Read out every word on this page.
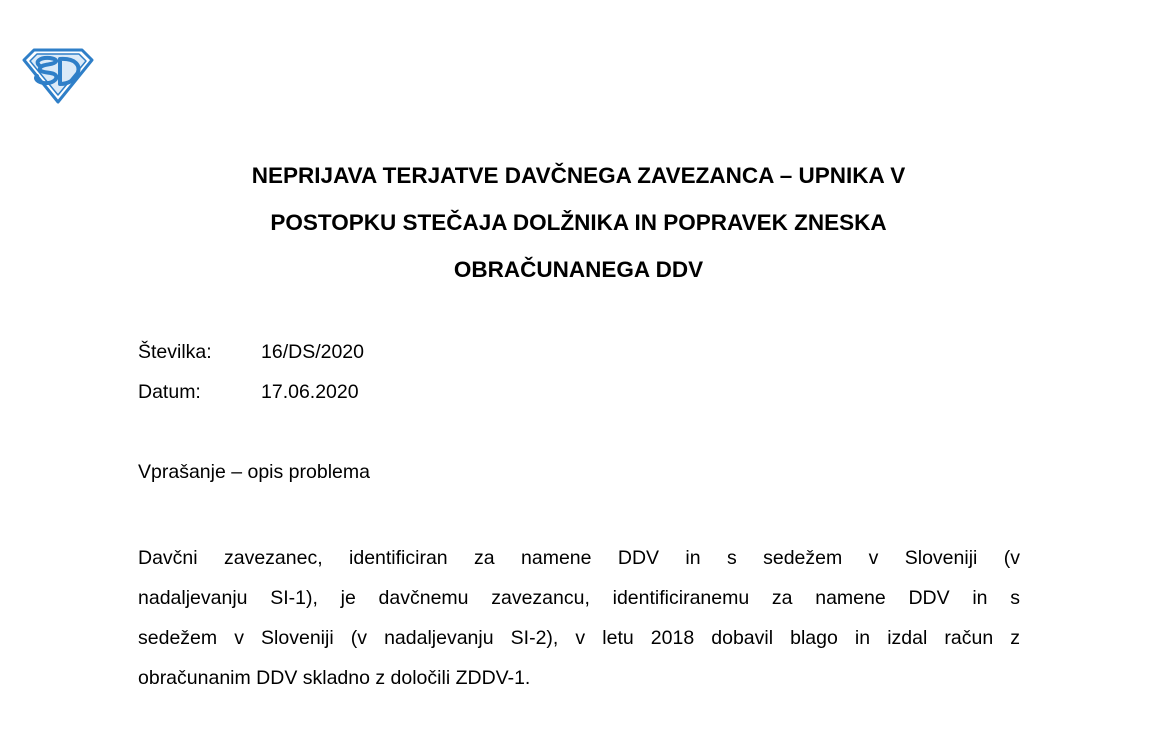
NEPRIJAVA TERJATVE DAVČNEGA ZAVEZANCA – UPNIKA V
POSTOPKU STEČAJA DOLŽNIKA IN POPRAVEK ZNESKA
OBRAČUNANEGA DDV
Številka:	16/DS/2020
Datum:	17.06.2020
Vprašanje – opis problema

Davčni zavezanec, identificiran za namene DDV in s sedežem v Sloveniji (v
nadaljevanju SI-1), je davčnemu zavezancu, identificiranemu za namene DDV in s
sedežem v Sloveniji (v nadaljevanju SI-2), v letu 2018 dobavil blago in izdal račun z
obračunanim DDV skladno z določili ZDDV-1.
